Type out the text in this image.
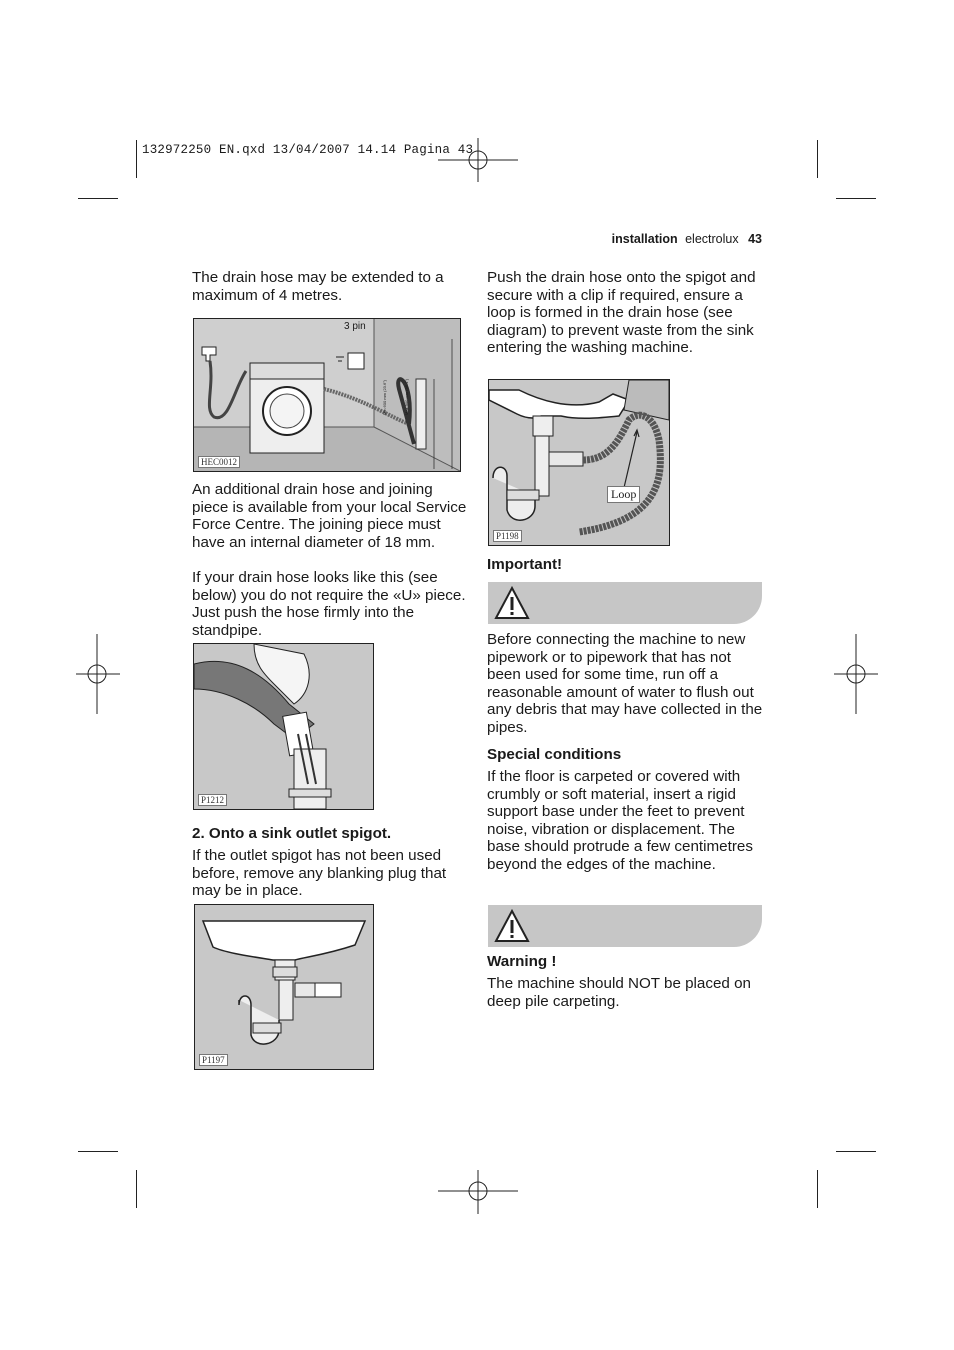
132972250 EN.qxd 13/04/2007 14.14 Pagina 43
installation electrolux 43
The drain hose may be extended to a maximum of 4 metres.
3 pin
Min 600 mm (23.6")	Max 900 mm (35.4")
HEC0012
An additional drain hose and joining piece is available from your local Service Force Centre. The joining piece must have an internal diameter of 18 mm.
If your drain hose looks like this (see below) you do not require the «U» piece. Just push the hose firmly into the standpipe.
P1212
2. Onto a sink outlet spigot.
If the outlet spigot has not been used before, remove any blanking plug that may be in place.
P1197
Push the drain hose onto the spigot and secure with a clip if required, ensure a loop is formed in the drain hose (see diagram) to prevent waste from the sink entering the washing machine.
Loop
P1198
Important!
Before connecting the machine to new pipework or to pipework that has not been used for some time, run off a reasonable amount of water to flush out any debris that may have collected in the pipes.
Special conditions
If the floor is carpeted or covered with crumbly or soft material, insert a rigid support base under the feet to prevent noise, vibration or displacement. The base should protrude a few centimetres beyond the edges of the machine.
Warning !
The machine should NOT be placed on deep pile carpeting.
